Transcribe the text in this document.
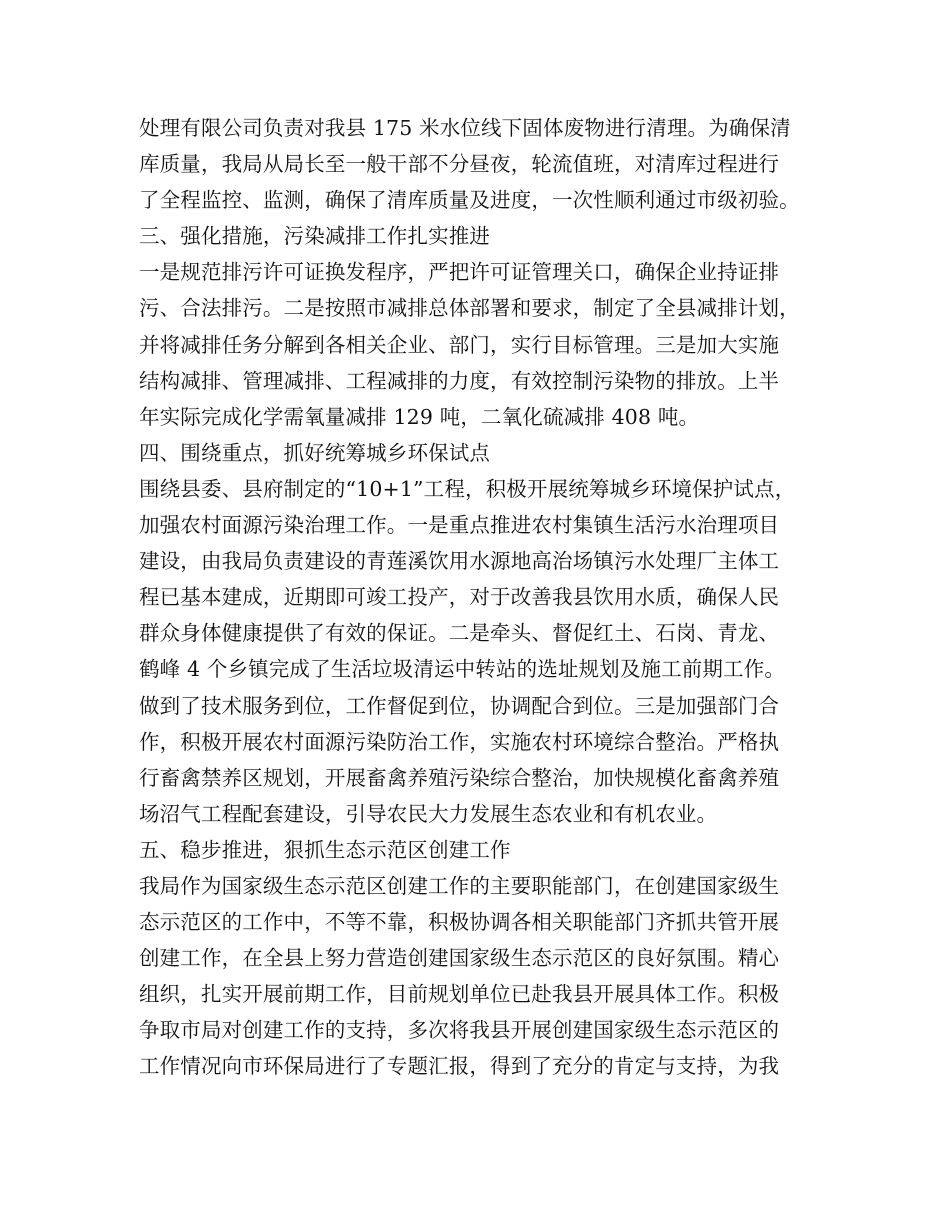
处理有限公司负责对我县 175 米水位线下固体废物进行清理。为确保清
库质量，我局从局长至一般干部不分昼夜，轮流值班，对清库过程进行
了全程监控、监测，确保了清库质量及进度，一次性顺利通过市级初验。
三、强化措施，污染减排工作扎实推进
一是规范排污许可证换发程序，严把许可证管理关口，确保企业持证排
污、合法排污。二是按照市减排总体部署和要求，制定了全县减排计划，
并将减排任务分解到各相关企业、部门，实行目标管理。三是加大实施
结构减排、管理减排、工程减排的力度，有效控制污染物的排放。上半
年实际完成化学需氧量减排 129 吨，二氧化硫减排 408 吨。
四、围绕重点，抓好统筹城乡环保试点
围绕县委、县府制定的“10+1”工程，积极开展统筹城乡环境保护试点，
加强农村面源污染治理工作。一是重点推进农村集镇生活污水治理项目
建设，由我局负责建设的青莲溪饮用水源地高治场镇污水处理厂主体工
程已基本建成，近期即可竣工投产，对于改善我县饮用水质，确保人民
群众身体健康提供了有效的保证。二是牵头、督促红土、石岗、青龙、
鹤峰 4 个乡镇完成了生活垃圾清运中转站的选址规划及施工前期工作。
做到了技术服务到位，工作督促到位，协调配合到位。三是加强部门合
作，积极开展农村面源污染防治工作，实施农村环境综合整治。严格执
行畜禽禁养区规划，开展畜禽养殖污染综合整治，加快规模化畜禽养殖
场沼气工程配套建设，引导农民大力发展生态农业和有机农业。
五、稳步推进，狠抓生态示范区创建工作
我局作为国家级生态示范区创建工作的主要职能部门，在创建国家级生
态示范区的工作中，不等不靠，积极协调各相关职能部门齐抓共管开展
创建工作，在全县上努力营造创建国家级生态示范区的良好氛围。精心
组织，扎实开展前期工作，目前规划单位已赴我县开展具体工作。积极
争取市局对创建工作的支持，多次将我县开展创建国家级生态示范区的
工作情况向市环保局进行了专题汇报，得到了充分的肯定与支持，为我
